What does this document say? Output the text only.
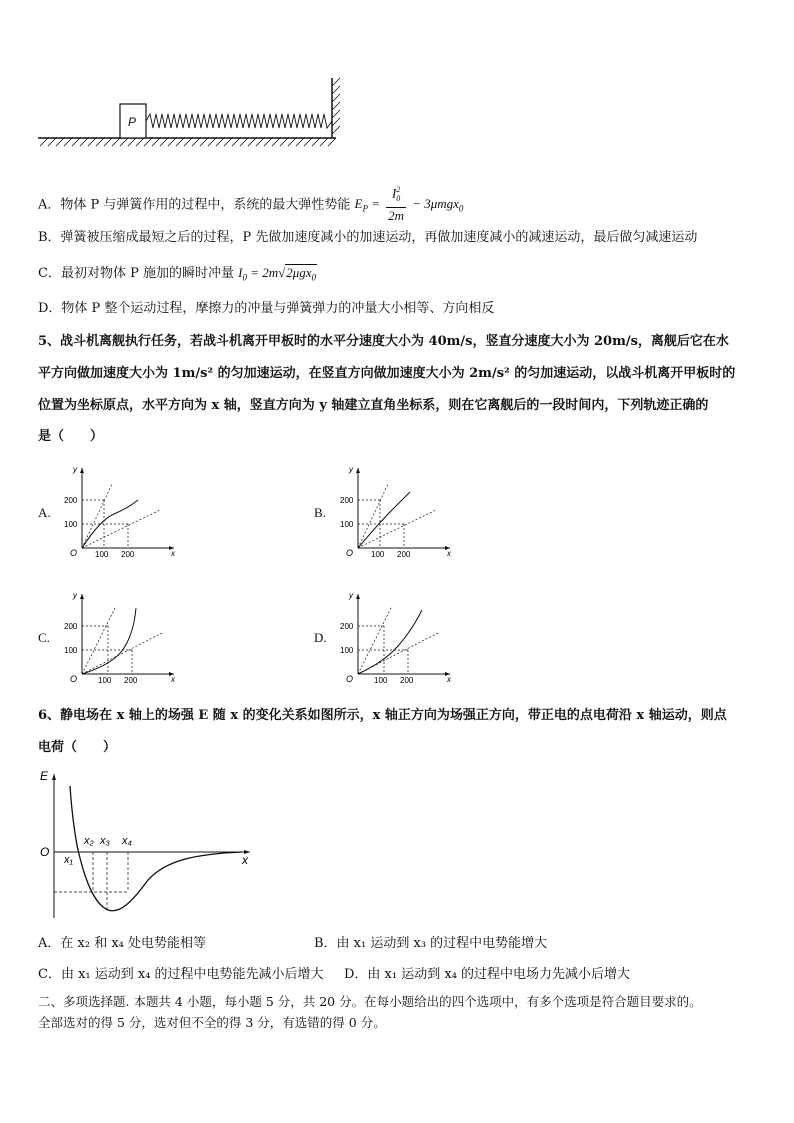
P
A．物体 P 与弹簧作用的过程中，系统的最大弹性势能 $E_P = \frac{I_0^2}{2m} - 3\mu mgx_0$
B．弹簧被压缩成最短之后的过程，P 先做加速度减小的加速运动，再做加速度减小的减速运动，最后做匀减速运动
C．最初对物体 P 施加的瞬时冲量 $I_0 = 2m√2\mu gx_0$
D．物体 P 整个运动过程，摩擦力的冲量与弹簧弹力的冲量大小相等、方向相反
5、战斗机离舰执行任务，若战斗机离开甲板时的水平分速度大小为 40m/s，竖直分速度大小为 20m/s，离舰后它在水
平方向做加速度大小为 1m/s² 的匀加速运动，在竖直方向做加速度大小为 2m/s² 的匀加速运动，以战斗机离开甲板时的
位置为坐标原点，水平方向为 x 轴，竖直方向为 y 轴建立直角坐标系，则在它离舰后的一段时间内，下列轨迹正确的
是（　　）
A.	B.
C.	D.
y
x
O
200
100
100 200
y
x
O
200
100
100 200
y
x
O
200
100
100 200
y
x
O
200
100
100 200
6、静电场在 x 轴上的场强 E 随 x 的变化关系如图所示，x 轴正方向为场强正方向，带正电的点电荷沿 x 轴运动，则点
电荷（　　）
E
O
x
x₁
x₂ x₃ x₄
A．在 x₂ 和 x₄ 处电势能相等	B．由 x₁ 运动到 x₃ 的过程中电势能增大
C．由 x₁ 运动到 x₄ 的过程中电势能先减小后增大 D．由 x₁ 运动到 x₄ 的过程中电场力先减小后增大
二、多项选择题. 本题共 4 小题，每小题 5 分，共 20 分。在每小题给出的四个选项中，有多个选项是符合题目要求的。
全部选对的得 5 分，选对但不全的得 3 分，有选错的得 0 分。
